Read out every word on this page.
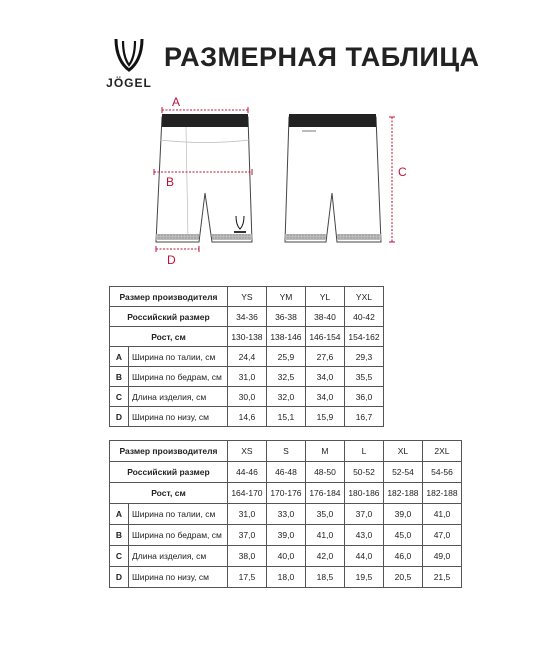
JÖGEL
РАЗМЕРНАЯ ТАБЛИЦА
A
B
C
D
Размер производителя		YS	YM	YL	YXL
Российский размер		34-36	36-38	38-40	40-42
Рост, см		130-138	138-146	146-154	154-162
A	Ширина по талии, см	24,4	25,9	27,6	29,3
B	Ширина по бедрам, см	31,0	32,5	34,0	35,5
C	Длина изделия, см	30,0	32,0	34,0	36,0
D	Ширина по низу, см	14,6	15,1	15,9	16,7
Размер производителя		XS	S	M	L	XL	2XL
Российский размер		44-46	46-48	48-50	50-52	52-54	54-56
Рост, см		164-170	170-176	176-184	180-186	182-188	182-188
A	Ширина по талии, см	31,0	33,0	35,0	37,0	39,0	41,0
B	Ширина по бедрам, см	37,0	39,0	41,0	43,0	45,0	47,0
C	Длина изделия, см	38,0	40,0	42,0	44,0	46,0	49,0
D	Ширина по низу, см	17,5	18,0	18,5	19,5	20,5	21,5
